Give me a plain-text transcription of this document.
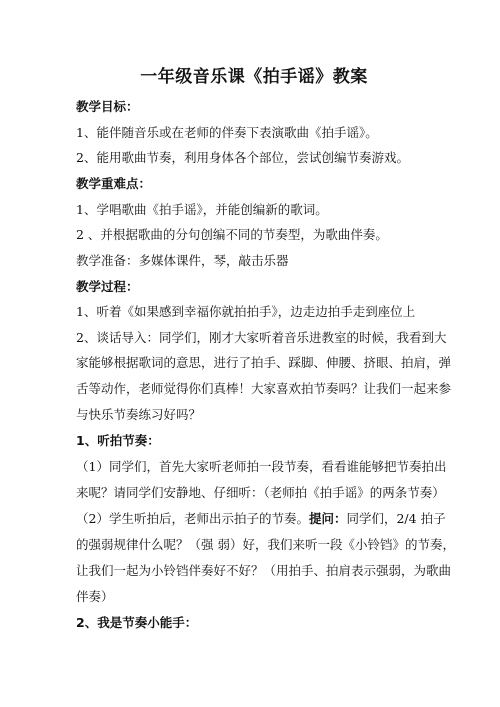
一年级音乐课《拍手谣》教案
教学目标：
1、能伴随音乐或在老师的伴奏下表演歌曲《拍手谣》。
2、能用歌曲节奏，利用身体各个部位，尝试创编节奏游戏。
教学重难点：
1、学唱歌曲《拍手谣》，并能创编新的歌词。
2 、并根据歌曲的分句创编不同的节奏型，为歌曲伴奏。
教学准备：多媒体课件，琴，敲击乐器
教学过程：
1、听着《如果感到幸福你就拍拍手》，边走边拍手走到座位上
2、谈话导入：同学们，刚才大家听着音乐进教室的时候，我看到大
家能够根据歌词的意思，进行了拍手、踩脚、伸腰、挤眼、拍肩，弹
舌等动作，老师觉得你们真棒！大家喜欢拍节奏吗？让我们一起来参
与快乐节奏练习好吗？
1、听拍节奏：
（1）同学们，首先大家听老师拍一段节奏，看看谁能够把节奏拍出
来呢？请同学们安静地、仔细听：（老师拍《拍手谣》的两条节奏）
（2）学生听拍后，老师出示拍子的节奏。提问：同学们，2/4 拍子
的强弱规律什么呢？（强 弱）好，我们来听一段《小铃铛》的节奏，
让我们一起为小铃铛伴奏好不好？（用拍手、拍肩表示强弱，为歌曲
伴奏）
2、我是节奏小能手：
